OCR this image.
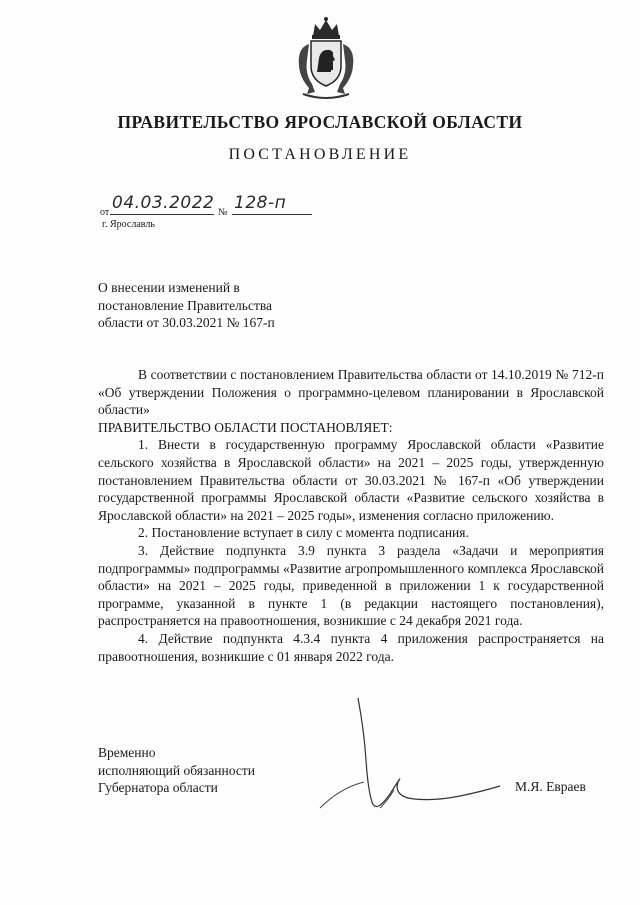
ПРАВИТЕЛЬСТВО ЯРОСЛАВСКОЙ ОБЛАСТИ
ПОСТАНОВЛЕНИЕ
от 04.03.2022 № 128-п
г. Ярославль
О внесении изменений в
постановление Правительства
области от 30.03.2021 № 167-п

В соответствии с постановлением Правительства области от 14.10.2019 № 712-п «Об утверждении Положения о программно-целевом планировании в Ярославской области»

ПРАВИТЕЛЬСТВО ОБЛАСТИ ПОСТАНОВЛЯЕТ:

1. Внести в государственную программу Ярославской области «Развитие сельского хозяйства в Ярославской области» на 2021 – 2025 годы, утвержденную постановлением Правительства области от 30.03.2021 № 167-п «Об утверждении государственной программы Ярославской области «Развитие сельского хозяйства в Ярославской области» на 2021 – 2025 годы», изменения согласно приложению.

2. Постановление вступает в силу с момента подписания.

3. Действие подпункта 3.9 пункта 3 раздела «Задачи и мероприятия подпрограммы» подпрограммы «Развитие агропромышленного комплекса Ярославской области» на 2021 – 2025 годы, приведенной в приложении 1 к государственной программе, указанной в пункте 1 (в редакции настоящего постановления), распространяется на правоотношения, возникшие с 24 декабря 2021 года.

4. Действие подпункта 4.3.4 пункта 4 приложения распространяется на правоотношения, возникшие с 01 января 2022 года.

Временно
исполняющий обязанности
Губернатора области	М.Я. Евраев
